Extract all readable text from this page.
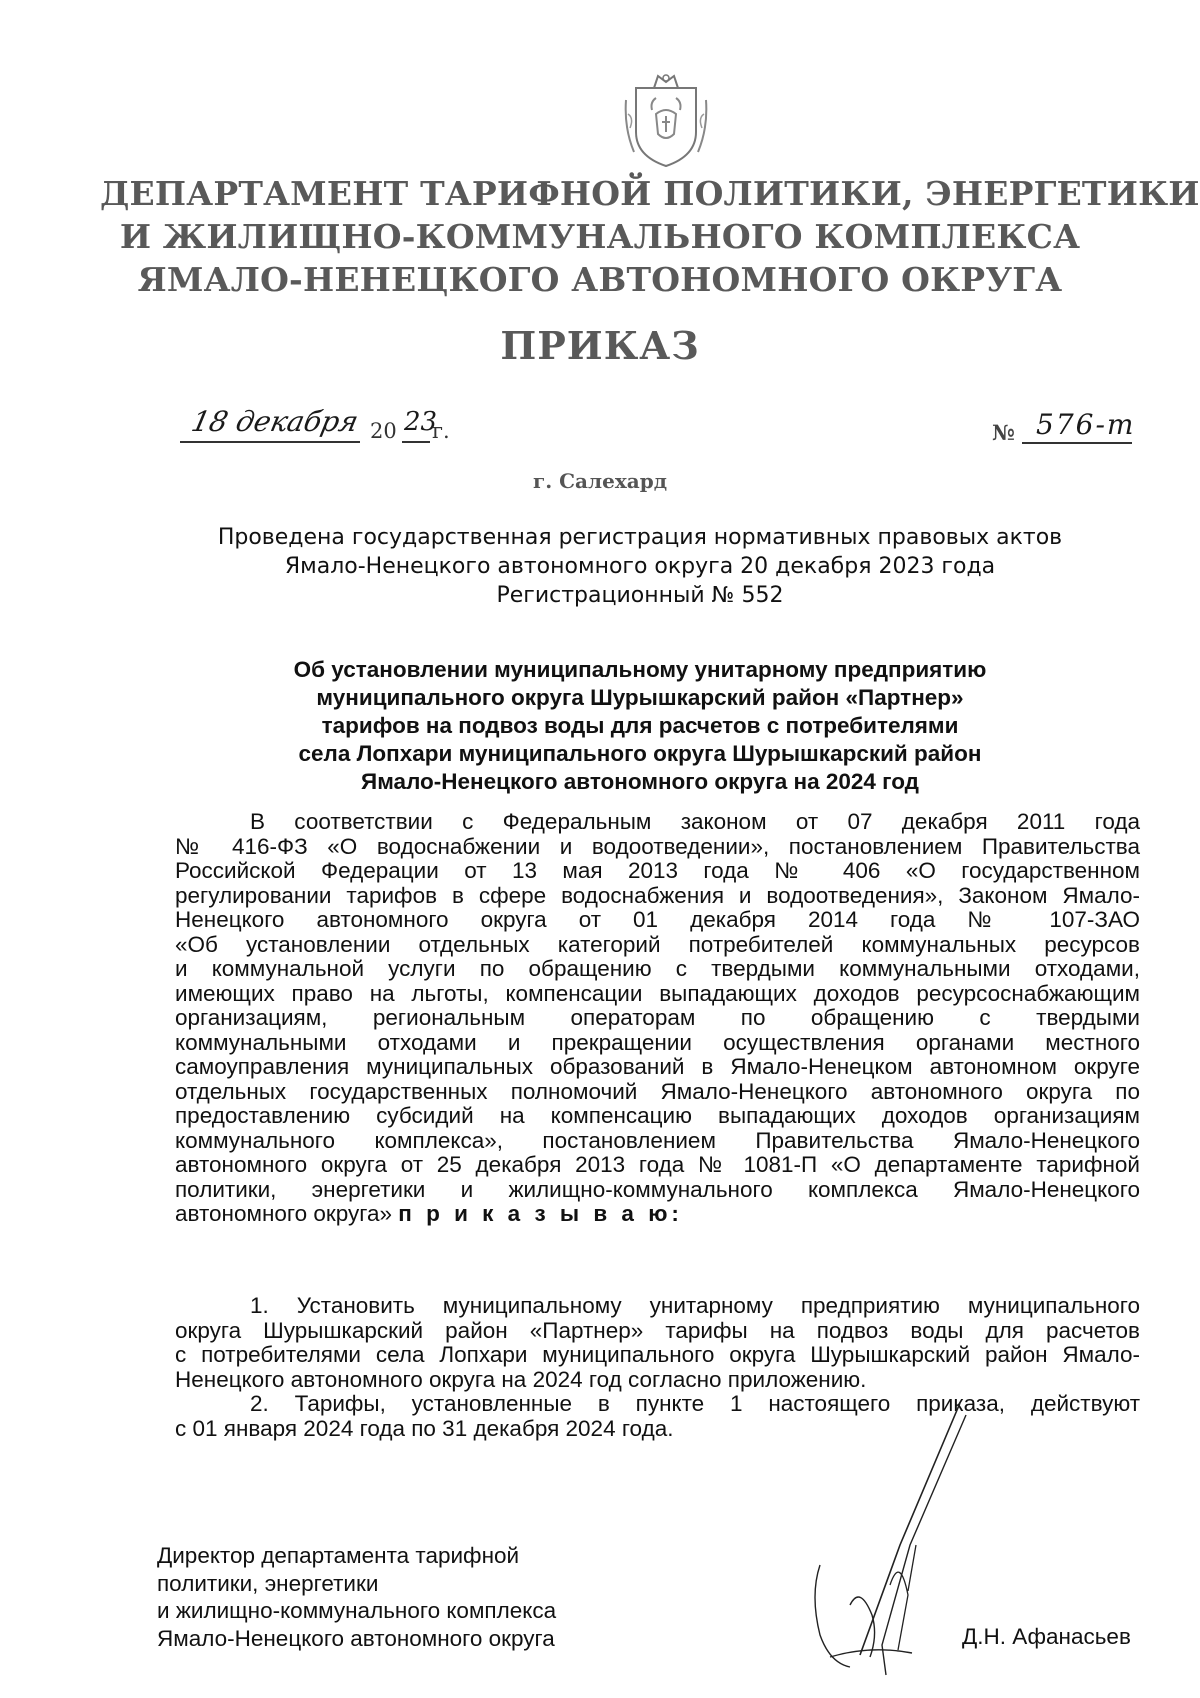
ДЕПАРТАМЕНТ ТАРИФНОЙ ПОЛИТИКИ, ЭНЕРГЕТИКИ
И ЖИЛИЩНО-КОММУНАЛЬНОГО КОМПЛЕКСА
ЯМАЛО-НЕНЕЦКОГО АВТОНОМНОГО ОКРУГА
ПРИКАЗ
18 декабря 20 23
г.	№ 576-т
г. Салехард
Проведена государственная регистрация нормативных правовых актов
Ямало-Ненецкого автономного округа 20 декабря 2023 года
Регистрационный № 552
Об установлении муниципальному унитарному предприятию
муниципального округа Шурышкарский район «Партнер»
тарифов на подвоз воды для расчетов с потребителями
села Лопхари муниципального округа Шурышкарский район
Ямало-Ненецкого автономного округа на 2024 год
В соответствии с Федеральным законом от 07 декабря 2011 года
№ 416-ФЗ «О водоснабжении и водоотведении», постановлением Правительства
Российской Федерации от 13 мая 2013 года № 406 «О государственном
регулировании тарифов в сфере водоснабжения и водоотведения», Законом Ямало-
Ненецкого автономного округа от 01 декабря 2014 года № 107-ЗАО
«Об установлении отдельных категорий потребителей коммунальных ресурсов
и коммунальной услуги по обращению с твердыми коммунальными отходами,
имеющих право на льготы, компенсации выпадающих доходов ресурсоснабжающим
организациям, региональным операторам по обращению с твердыми
коммунальными отходами и прекращении осуществления органами местного
самоуправления муниципальных образований в Ямало-Ненецком автономном округе
отдельных государственных полномочий Ямало-Ненецкого автономного округа по
предоставлению субсидий на компенсацию выпадающих доходов организациям
коммунального комплекса», постановлением Правительства Ямало-Ненецкого
автономного округа от 25 декабря 2013 года № 1081-П «О департаменте тарифной
политики, энергетики и жилищно-коммунального комплекса Ямало-Ненецкого
автономного округа» п р и к а з ы в а ю:
1. Установить муниципальному унитарному предприятию муниципального
округа Шурышкарский район «Партнер» тарифы на подвоз воды для расчетов
с потребителями села Лопхари муниципального округа Шурышкарский район Ямало-
Ненецкого автономного округа на 2024 год согласно приложению.
2. Тарифы, установленные в пункте 1 настоящего приказа, действуют
с 01 января 2024 года по 31 декабря 2024 года.
Директор департамента тарифной
политики, энергетики
и жилищно-коммунального комплекса
Ямало-Ненецкого автономного округа	Д.Н. Афанасьев
